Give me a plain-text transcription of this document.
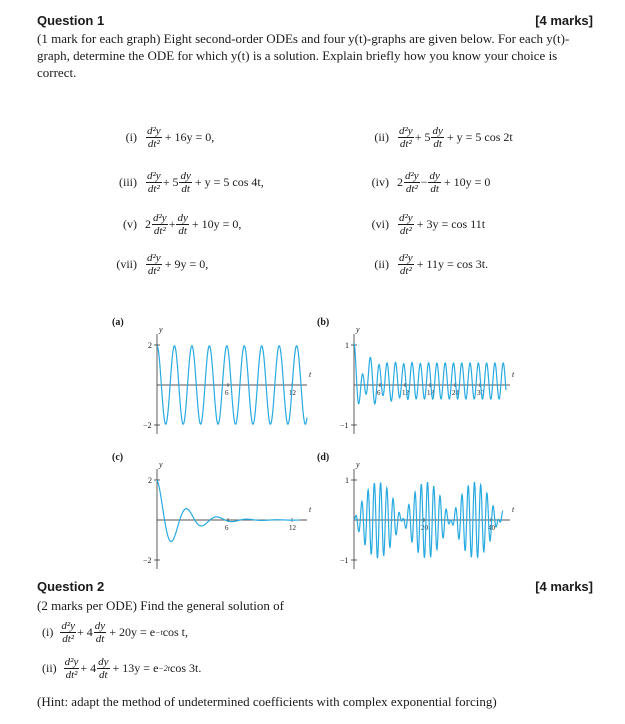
Question 1	[4 marks]
(1 mark for each graph) Eight second-order ODEs and four y(t)-graphs are given below. For each y(t)-graph, determine the ODE for which y(t) is a solution. Explain briefly how you know your choice is correct.
$(i) \frac{\text{d²y}}{\text{dt²}} + 16y = 0$,	$(ii) \frac{\text{d²y}}{\text{dt²}} + 5 \frac{dy}{dt} + y = 5$ cos 2t
$(iii) \frac{\text{d²y}}{\text{dt²}} + 5 \frac{dy}{dt} + y = 5$ cos 4t,	(iv) $2 \frac{\text{d²y}}{\text{dt²}} - \frac{dy}{dt} + 10y = 0$
(v) $2 \frac{\text{d²y}}{\text{dt²}} + \frac{dy}{dt} + 10y = 0$,	$(vi) \frac{\text{d²y}}{\text{dt²}} + 3y = \cos 11t$
$(vii) \frac{\text{d²y}}{\text{dt²}} + 9y = 0$,	$(ii) \frac{\text{d²y}}{\text{dt²}} + 11y = \cos 3t$.
(a)
y
t
2
−2
6	12
(b)
y
t
1
−1
6	12	18	24	30
(c)
y
t
2
−2
6	12
(d)
y
t
1
−1
20	40
Question 2	[4 marks]
(2 marks per ODE) Find the general solution of
$(i) \frac{\text{d²y}}{\text{dt²}} + 4 \frac{dy}{dt} + 20y = e -t$ cos t,
$(ii) \frac{\text{d²y}}{\text{dt²}} + 4 \frac{dy}{dt} + 13y = e -2t$ cos 3t.
(Hint: adapt the method of undetermined coefficients with complex exponential forcing)
